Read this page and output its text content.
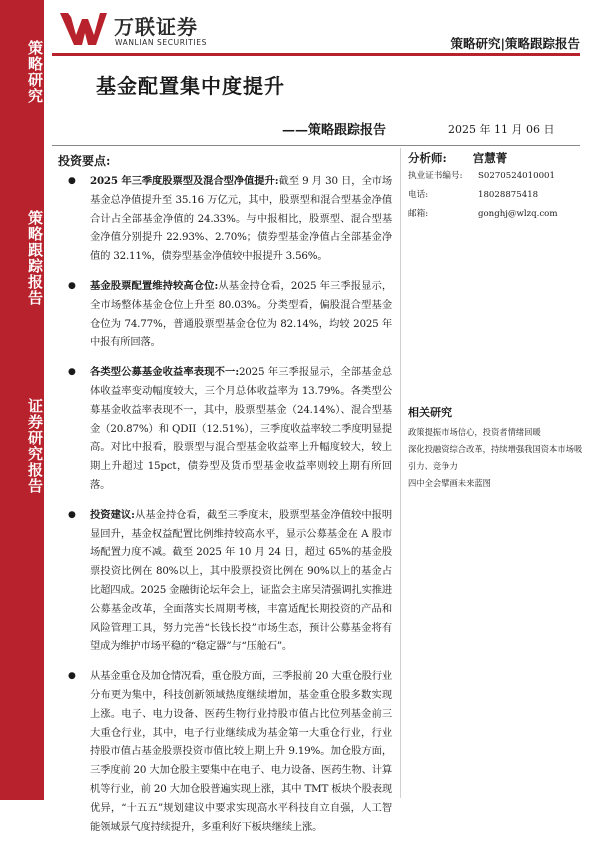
策略研究
策略跟踪报告
证券研究报告
万联证券
WANLIAN SECURITIES	策略研究|策略跟踪报告
基金配置集中度提升
——策略跟踪报告	2025 年 11 月 06 日
投资要点:
● 2025 年三季度股票型及混合型净值提升:截至 9 月 30 日，全市场基金总净值提升至 35.16 万亿元，其中，股票型和混合型基金净值合计占全部基金净值的 24.33%。与中报相比，股票型、混合型基金净值分别提升 22.93%、2.70%；债券型基金净值占全部基金净值的 32.11%，债券型基金净值较中报提升 3.56%。
● 基金股票配置维持较高仓位:从基金持仓看，2025 年三季报显示，全市场整体基金仓位上升至 80.03%。分类型看，偏股混合型基金仓位为 74.77%，普通股票型基金仓位为 82.14%，均较 2025 年中报有所回落。
● 各类型公募基金收益率表现不一:2025 年三季报显示，全部基金总体收益率变动幅度较大，三个月总体收益率为 13.79%。各类型公募基金收益率表现不一，其中，股票型基金（24.14%）、混合型基金（20.87%）和 QDII（12.51%），三季度收益率较二季度明显提高。对比中报看，股票型与混合型基金收益率上升幅度较大，较上期上升超过 15pct，债券型及货币型基金收益率则较上期有所回落。
● 投资建议:从基金持仓看，截至三季度末，股票型基金净值较中报明显回升，基金权益配置比例维持较高水平，显示公募基金在 A 股市场配置力度不减。截至 2025 年 10 月 24 日，超过 65%的基金股票投资比例在 80%以上，其中股票投资比例在 90%以上的基金占比超四成。2025 金融街论坛年会上，证监会主席吴清强调扎实推进公募基金改革，全面落实长周期考核，丰富适配长期投资的产品和风险管理工具，努力完善“长钱长投”市场生态，预计公募基金将有望成为维护市场平稳的“稳定器”与“压舱石”。
● 从基金重仓及加仓情况看，重仓股方面，三季报前 20 大重仓股行业分布更为集中，科技创新领域热度继续增加，基金重仓股多数实现上涨。电子、电力设备、医药生物行业持股市值占比位列基金前三大重仓行业，其中，电子行业继续成为基金第一大重仓行业，行业持股市值占基金股票投资市值比较上期上升 9.19%。加仓股方面，三季度前 20 大加仓股主要集中在电子、电力设备、医药生物、计算机等行业，前 20 大加仓股普遍实现上涨，其中 TMT 板块个股表现优异，“十五五”规划建议中要求实现高水平科技自立自强，人工智能领域景气度持续提升，多重利好下板块继续上涨。
分析师: 宫慧菁
执业证书编号:	S0270524010001
电话:	18028875418
邮箱:	gonghj@wlzq.com
相关研究
政策提振市场信心，投资者情绪回暖
深化投融资综合改革，持续增强我国资本市场吸引力、竞争力
四中全会擘画未来蓝图
